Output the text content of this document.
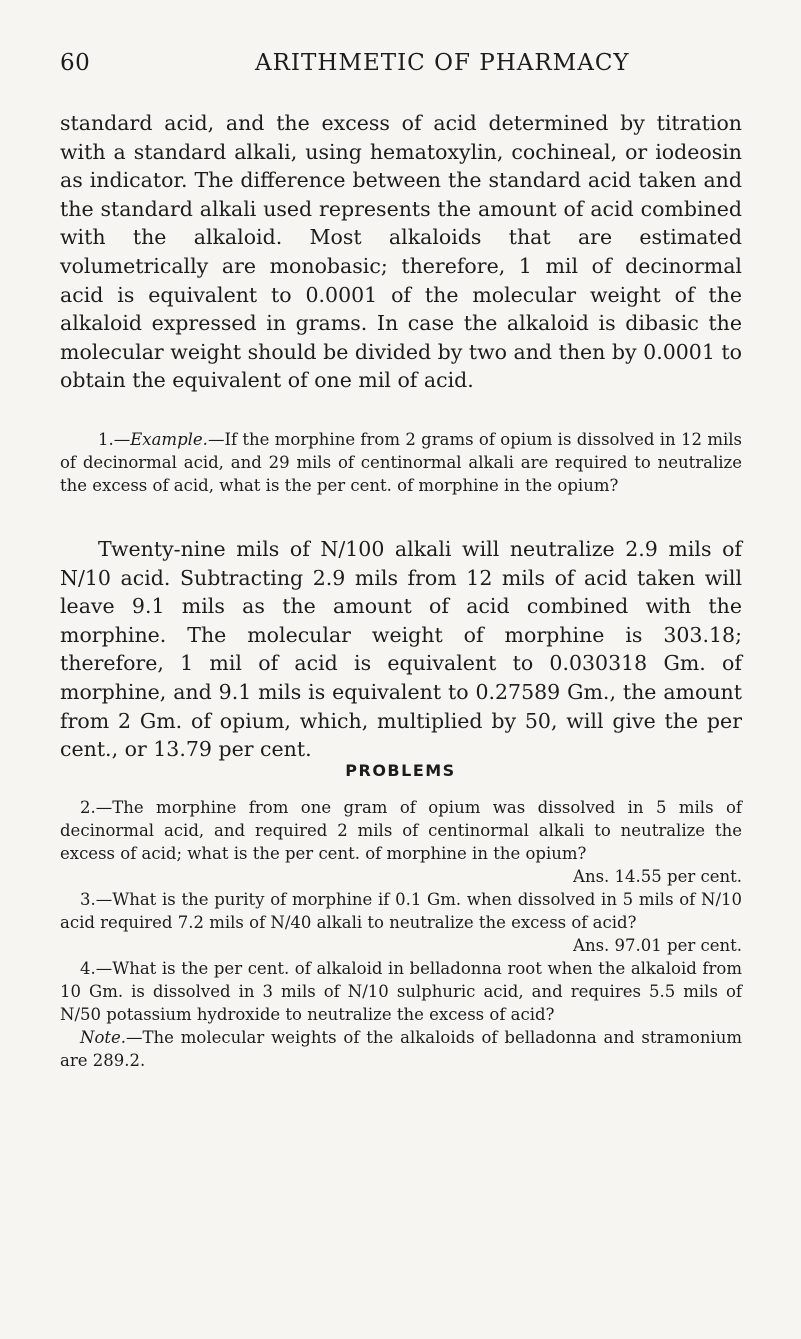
60	ARITHMETIC OF PHARMACY

standard acid, and the excess of acid determined by titration with a standard alkali, using hematoxylin, cochineal, or iodeosin as indicator. The difference between the standard acid taken and the standard alkali used represents the amount of acid combined with the alkaloid. Most alkaloids that are estimated volumetrically are monobasic; therefore, 1 mil of decinormal acid is equivalent to 0.0001 of the molecular weight of the alkaloid expressed in grams. In case the alkaloid is dibasic the molecular weight should be divided by two and then by 0.0001 to obtain the equivalent of one mil of acid.

1.—Example.—If the morphine from 2 grams of opium is dissolved in 12 mils of decinormal acid, and 29 mils of centinormal alkali are required to neutralize the excess of acid, what is the per cent. of morphine in the opium?

Twenty-nine mils of N/100 alkali will neutralize 2.9 mils of N/10 acid. Subtracting 2.9 mils from 12 mils of acid taken will leave 9.1 mils as the amount of acid combined with the morphine. The molecular weight of morphine is 303.18; therefore, 1 mil of acid is equivalent to 0.030318 Gm. of morphine, and 9.1 mils is equivalent to 0.27589 Gm., the amount from 2 Gm. of opium, which, multiplied by 50, will give the per cent., or 13.79 per cent.

PROBLEMS

2.—The morphine from one gram of opium was dissolved in 5 mils of decinormal acid, and required 2 mils of centinormal alkali to neutralize the excess of acid; what is the per cent. of morphine in the opium?
Ans. 14.55 per cent.

3.—What is the purity of morphine if 0.1 Gm. when dissolved in 5 mils of N/10 acid required 7.2 mils of N/40 alkali to neutralize the excess of acid?
Ans. 97.01 per cent.

4.—What is the per cent. of alkaloid in belladonna root when the alkaloid from 10 Gm. is dissolved in 3 mils of N/10 sulphuric acid, and requires 5.5 mils of N/50 potassium hydroxide to neutralize the excess of acid?

Note.—The molecular weights of the alkaloids of belladonna and stramonium are 289.2.
